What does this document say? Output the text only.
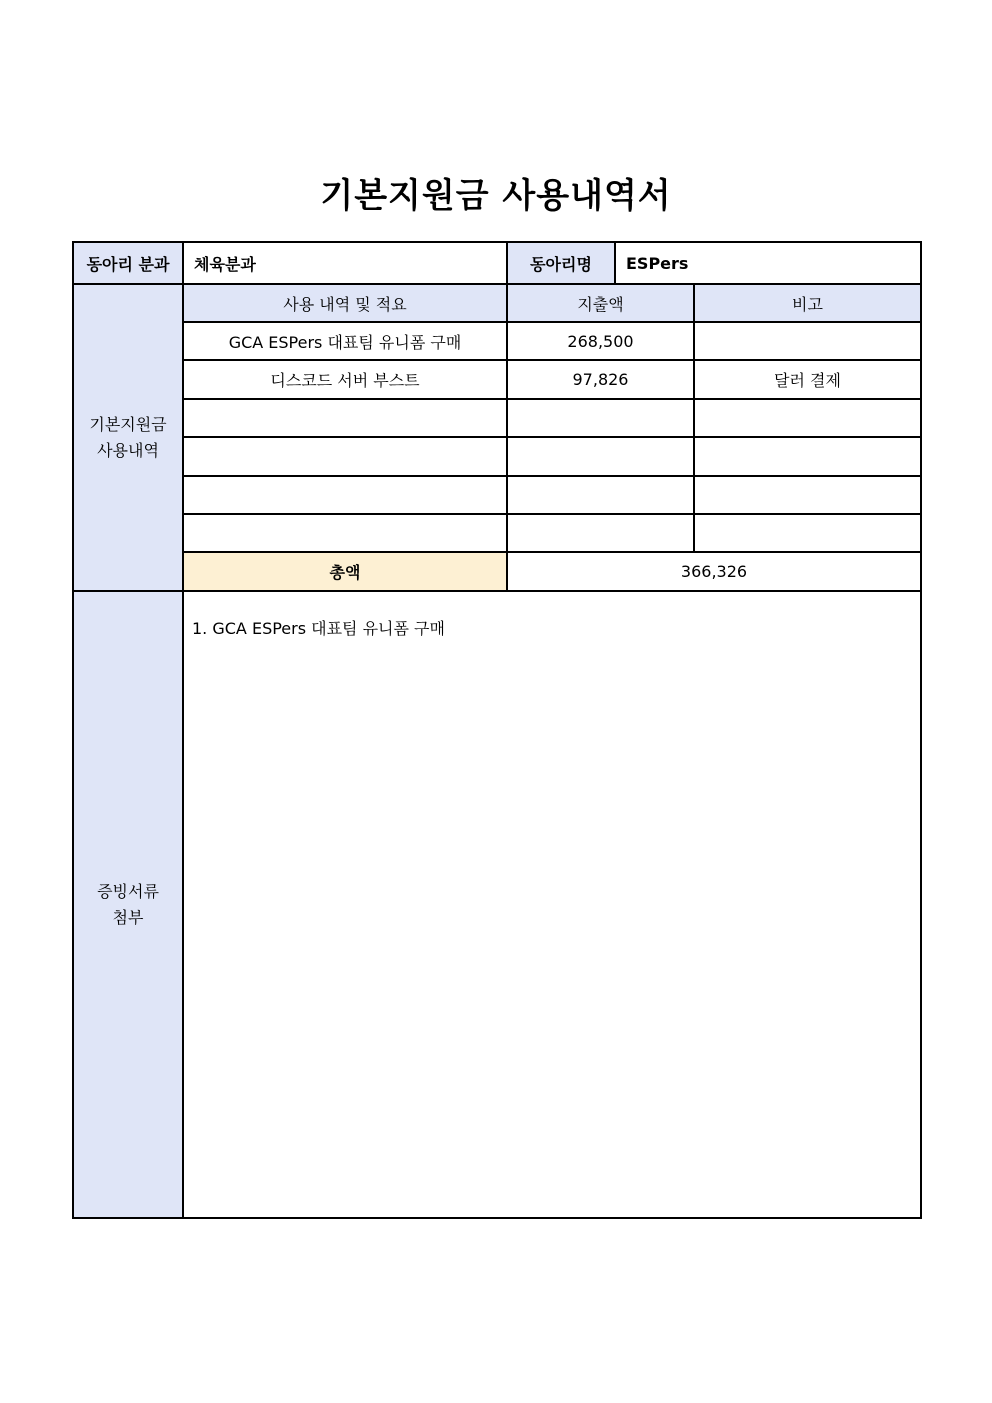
기본지원금 사용내역서
동아리 분과	체육분과	동아리명	ESPers	

기본지원금
사용내역	사용 내역 및 적요	지출액		비고
	GCA ESPers 대표팀 유니폼 구매	268,500		
	디스코드 서버 부스트	97,826		달러 결제

	총액	366,326		

증빙서류
첨부	1. GCA ESPers 대표팀 유니폼 구매			
